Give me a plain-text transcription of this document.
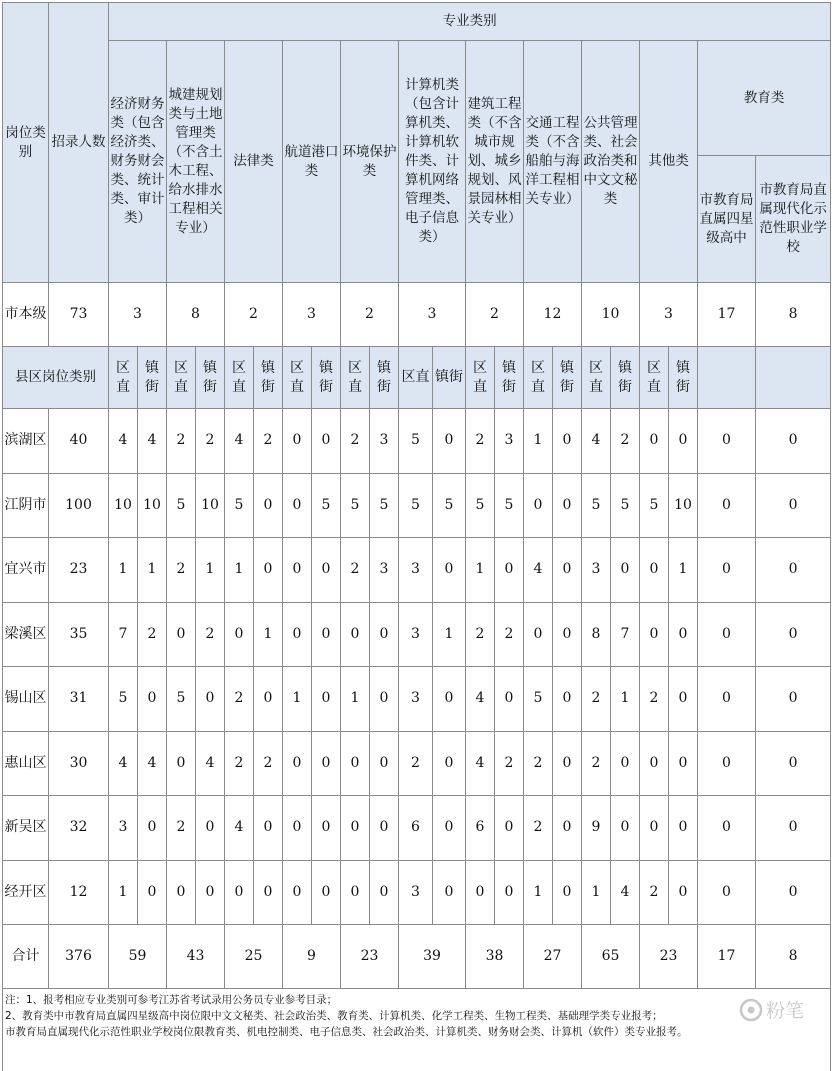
岗位类别	招录人数	专业类别																					
		经济财务类（包含经济类、财务财会类、统计类、审计类）		城建规划类与土地管理类（不含土木工程、给水排水工程相关专业）		法律类		航道港口类		环境保护类		计算机类（包含计算机类、计算机软件类、计算机网络管理类、电子信息类）		建筑工程类（不含城市规划、城乡规划、风景园林相关专业）		交通工程类（不含船舶与海洋工程相关专业）		公共管理类、社会政治类和中文文秘类		其他类		教育类	
																						市教育局直属四星级高中	市教育局直属现代化示范性职业学校
市本级	73	3		8		2		3		2		3		2		12		10		3		17	8
县区岗位类别		区直	镇街	区直	镇街	区直	镇街	区直	镇街	区直	镇街	区直	镇街	区直	镇街	区直	镇街	区直	镇街	区直	镇街		
滨湖区	40	4	4	2	2	4	2	0	0	2	3	5	0	2	3	1	0	4	2	0	0	0	0
江阴市	100	10	10	5	10	5	0	0	5	5	5	5	5	5	5	0	0	5	5	5	10	0	0
宜兴市	23	1	1	2	1	1	0	0	0	2	3	3	0	1	0	4	0	3	0	0	1	0	0
梁溪区	35	7	2	0	2	0	1	0	0	0	0	3	1	2	2	0	0	8	7	0	0	0	0
锡山区	31	5	0	5	0	2	0	1	0	1	0	3	0	4	0	5	0	2	1	2	0	0	0
惠山区	30	4	4	0	4	2	2	0	0	0	0	2	0	4	2	2	0	2	0	0	0	0	0
新吴区	32	3	0	2	0	4	0	0	0	0	0	6	0	6	0	2	0	9	0	0	0	0	0
经开区	12	1	0	0	0	0	0	0	0	0	0	3	0	0	0	1	0	1	4	2	0	0	0
合计	376	59		43		25		9		23		39		38		27		65		23		17	8

注：1、报考相应专业类别可参考江苏省考试录用公务员专业参考目录；
2、教育类中市教育局直属四星级高中岗位限中文文秘类、社会政治类、教育类、计算机类、化学工程类、生物工程类、基础理学类专业报考；
市教育局直属现代化示范性职业学校岗位限教育类、机电控制类、电子信息类、社会政治类、计算机类、财务财会类、计算机（软件）类专业报考。																							
粉笔
